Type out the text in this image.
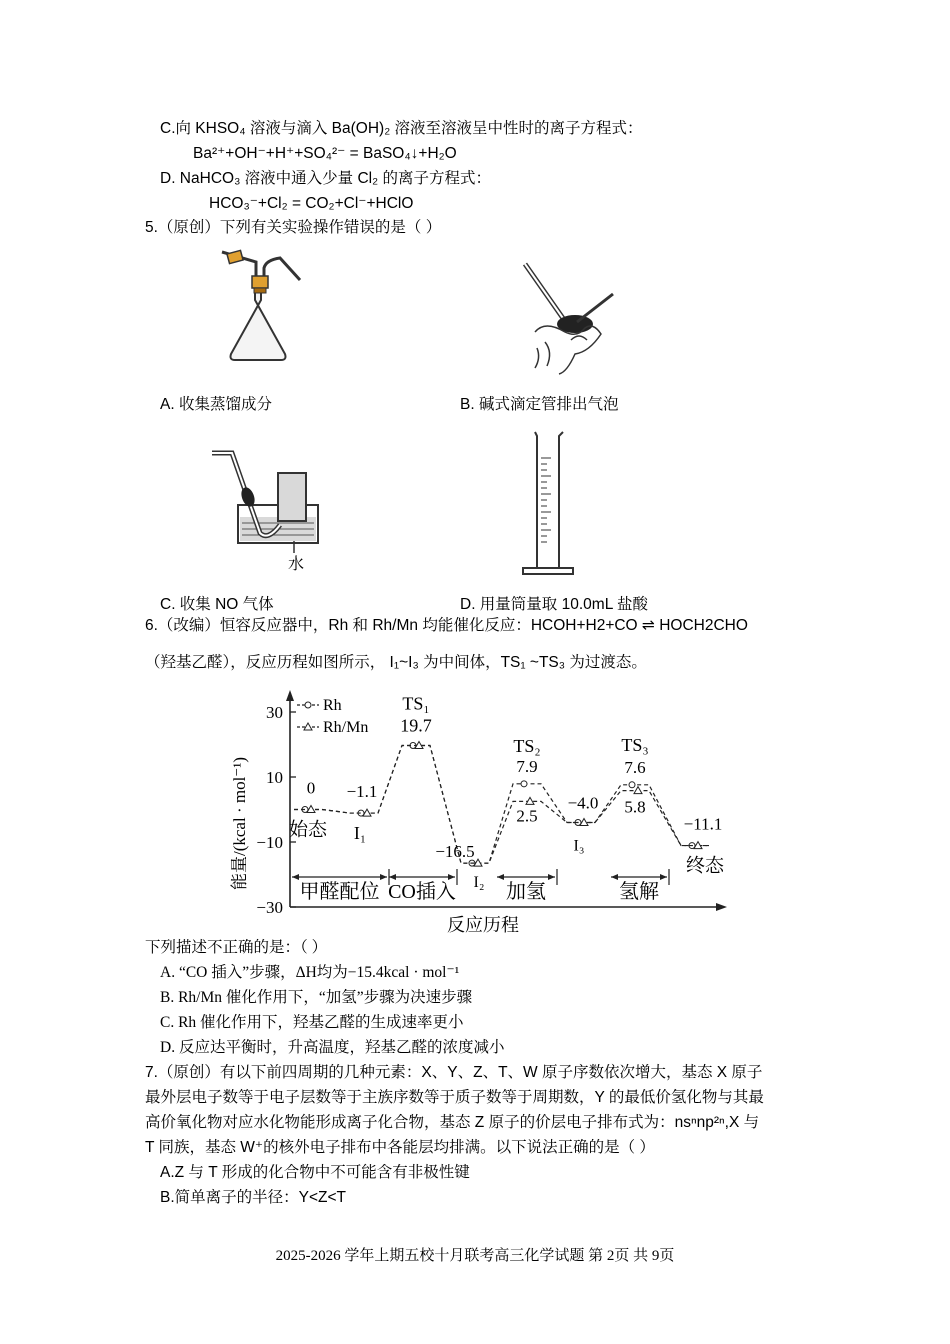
C.向 KHSO₄ 溶液与滴入 Ba(OH)₂ 溶液至溶液呈中性时的离子方程式：
Ba²⁺+OH⁻+H⁺+SO₄²⁻ = BaSO₄↓+H₂O
D. NaHCO₃ 溶液中通入少量 Cl₂ 的离子方程式：
HCO₃⁻+Cl₂ = CO₂+Cl⁻+HClO
5.（原创）下列有关实验操作错误的是（ ）
A. 收集蒸馏成分	B. 碱式滴定管排出气泡
水
C. 收集 NO 气体	D. 用量筒量取 10.0mL 盐酸
6.（改编）恒容反应器中，Rh 和 Rh/Mn 均能催化反应：HCOH+H2+CO ⇌ HOCH2CHO
（羟基乙醛），反应历程如图所示， I₁~I₃ 为中间体，TS₁ ~TS₃ 为过渡态。
能量/(kcal · mol⁻¹)
反应历程
Rh
Rh/Mn
30
10
−10
−30
0
始态
−1.1
I₁
TS₁
19.7
−16.5
I₂
TS₂
7.9
2.5
−4.0
I₃
TS₃
7.6
5.8
−11.1
终态
甲醛配位 CO插入	加氢	氢解
下列描述不正确的是：（ ）
A. “CO 插入”步骤，ΔH均为−15.4kcal · mol⁻¹
B. Rh/Mn 催化作用下，“加氢”步骤为决速步骤
C. Rh 催化作用下，羟基乙醛的生成速率更小
D. 反应达平衡时，升高温度，羟基乙醛的浓度减小
7.（原创）有以下前四周期的几种元素：X、Y、Z、T、W 原子序数依次增大，基态 X 原子
最外层电子数等于电子层数等于主族序数等于质子数等于周期数，Y 的最低价氢化物与其最
高价氧化物对应水化物能形成离子化合物，基态 Z 原子的价层电子排布式为：nsⁿnp²ⁿ,X 与
T 同族，基态 W⁺的核外电子排布中各能层均排满。以下说法正确的是（ ）
A.Z 与 T 形成的化合物中不可能含有非极性键
B.简单离子的半径：Y<Z<T
2025-2026 学年上期五校十月联考高三化学试题 第 2页 共 9页
